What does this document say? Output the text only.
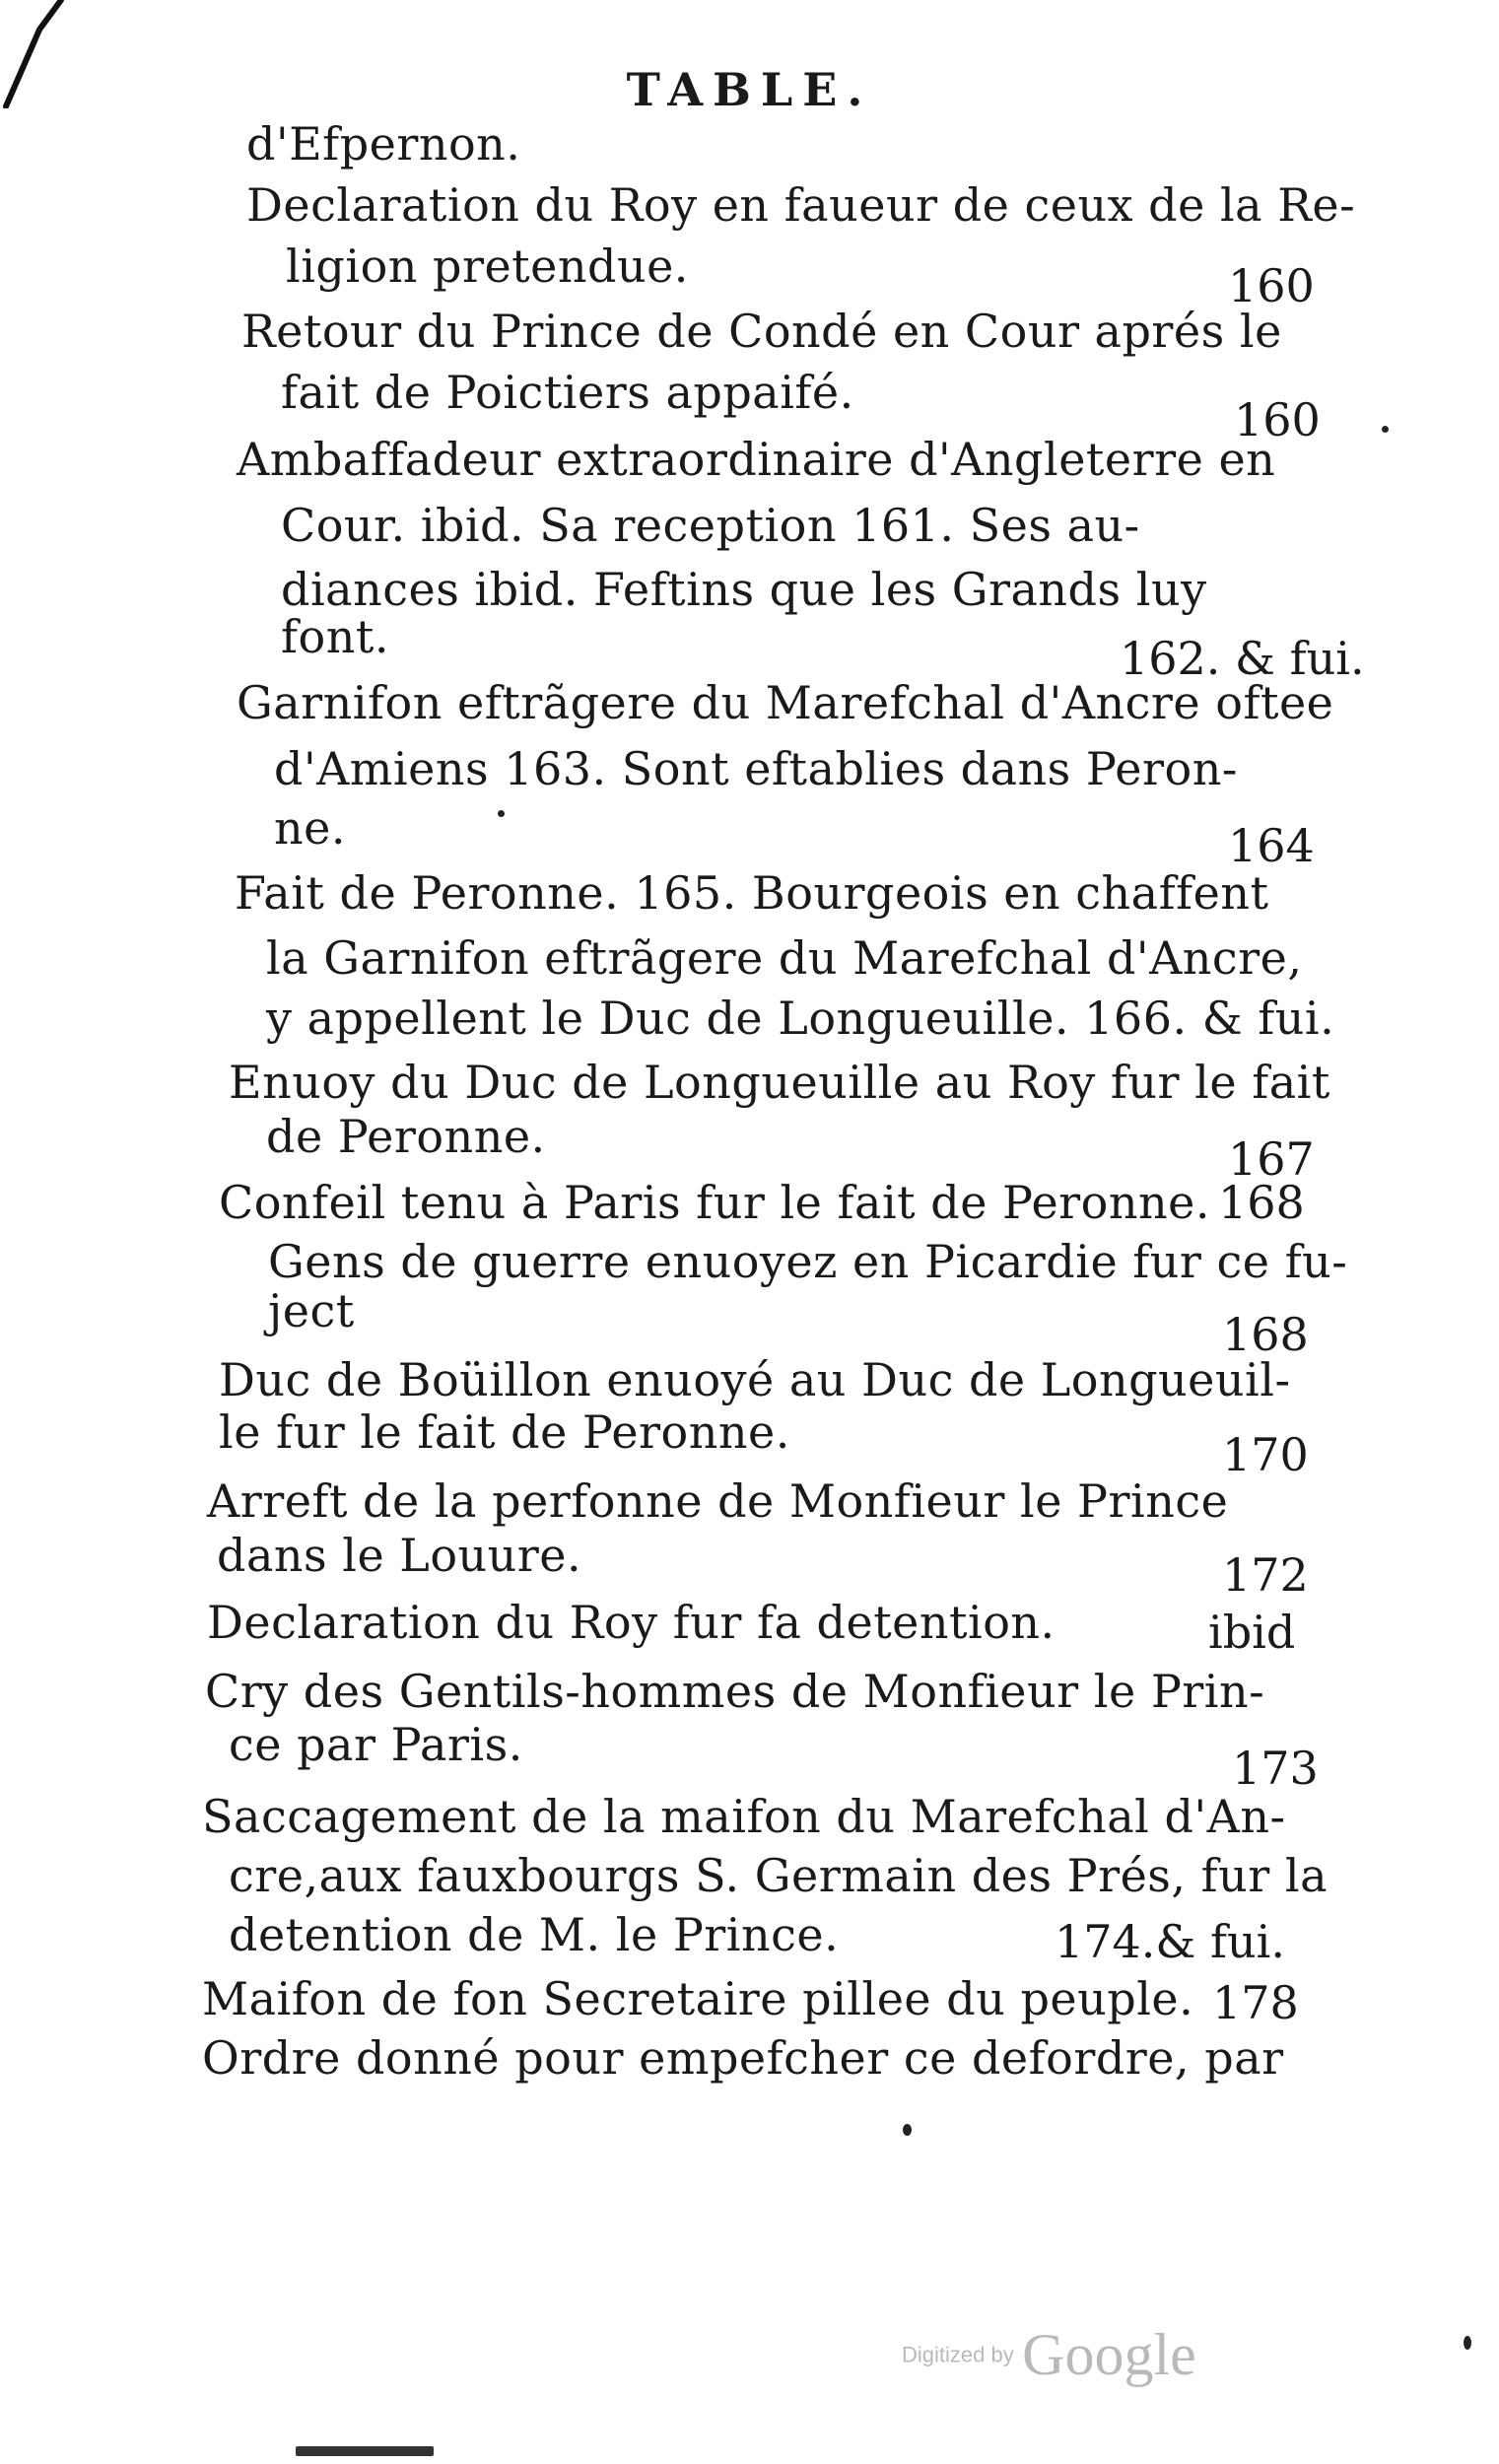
TABLE.
d'Efpernon.
Declaration du Roy en faueur de ceux de la Re-
ligion pretendue.	160
Retour du Prince de Condé en Cour aprés le
fait de Poictiers appaifé.
160
Ambaffadeur extraordinaire d'Angleterre en
Cour. ibid. Sa reception 161. Ses au-
diances ibid. Feftins que les Grands luy
font.	162. & fui.
Garnifon eftrãgere du Marefchal d'Ancre oftee
d'Amiens 163. Sont eftablies dans Peron-
ne.	164
Fait de Peronne. 165. Bourgeois en chaffent
la Garnifon eftrãgere du Marefchal d'Ancre,
y appellent le Duc de Longueuille. 166. & fui.
Enuoy du Duc de Longueuille au Roy fur le fait
de Peronne.	167
Confeil tenu à Paris fur le fait de Peronne. 168
Gens de guerre enuoyez en Picardie fur ce fu-
ject	168
Duc de Boüillon enuoyé au Duc de Longueuil-
le fur le fait de Peronne.	170
Arreft de la perfonne de Monfieur le Prince
dans le Louure.	172
Declaration du Roy fur fa detention.	ibid
Cry des Gentils-hommes de Monfieur le Prin-
ce par Paris.	173
Saccagement de la maifon du Marefchal d'An-
cre,aux fauxbourgs S. Germain des Prés, fur la
detention de M. le Prince.	174.& fui.
Maifon de fon Secretaire pillee du peuple. 178
Ordre donné pour empefcher ce defordre, par
Digitized by Google
